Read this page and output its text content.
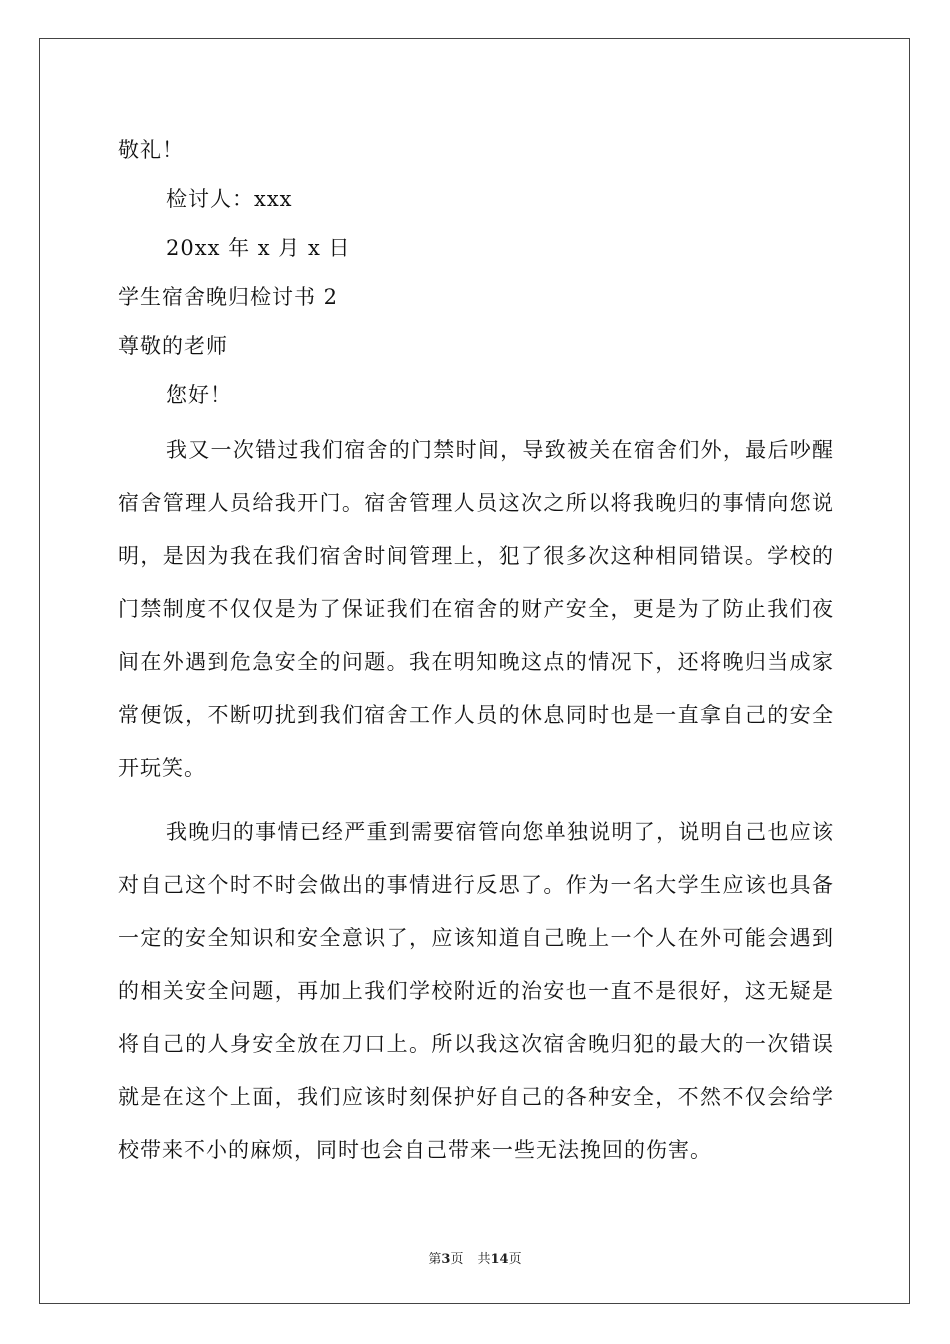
敬礼！
检讨人：xxx
20xx 年 x 月 x 日
学生宿舍晚归检讨书 2
尊敬的老师
您好！

我又一次错过我们宿舍的门禁时间，导致被关在宿舍们外，最后吵醒宿舍管理人员给我开门。宿舍管理人员这次之所以将我晚归的事情向您说明，是因为我在我们宿舍时间管理上，犯了很多次这种相同错误。学校的门禁制度不仅仅是为了保证我们在宿舍的财产安全，更是为了防止我们夜间在外遇到危急安全的问题。我在明知晚这点的情况下，还将晚归当成家常便饭，不断叨扰到我们宿舍工作人员的休息同时也是一直拿自己的安全开玩笑。

我晚归的事情已经严重到需要宿管向您单独说明了，说明自己也应该对自己这个时不时会做出的事情进行反思了。作为一名大学生应该也具备一定的安全知识和安全意识了，应该知道自己晚上一个人在外可能会遇到的相关安全问题，再加上我们学校附近的治安也一直不是很好，这无疑是将自己的人身安全放在刀口上。所以我这次宿舍晚归犯的最大的一次错误就是在这个上面，我们应该时刻保护好自己的各种安全，不然不仅会给学校带来不小的麻烦，同时也会自己带来一些无法挽回的伤害。

第3页 共14页
